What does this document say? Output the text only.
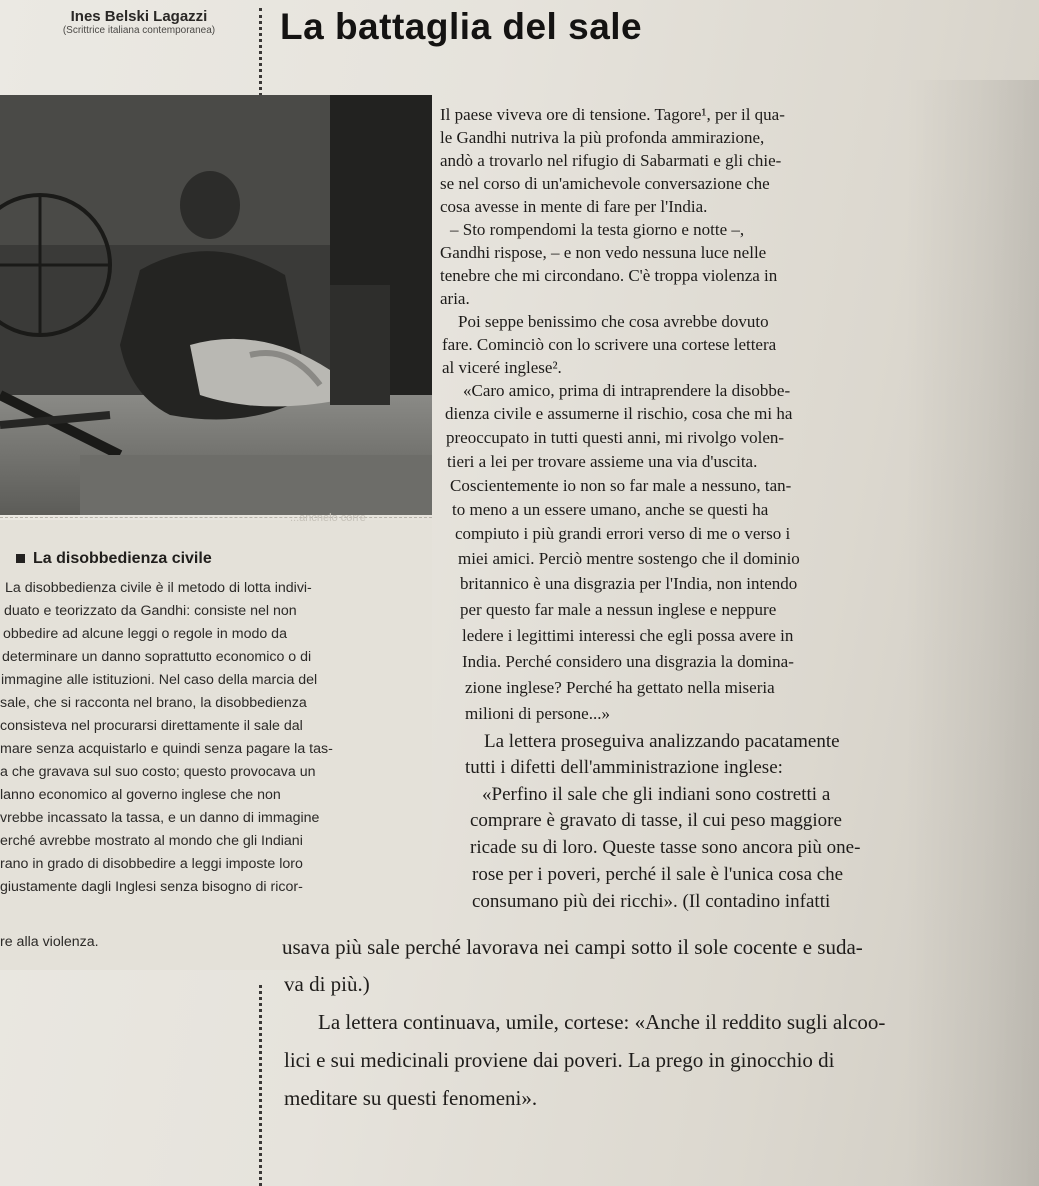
Ines Belski Lagazzi
(Scrittrice italiana contemporanea)	La battaglia del sale
La disobbedienza civile
La disobbedienza civile è il metodo di lotta indivi-
duato e teorizzato da Gandhi: consiste nel non
obbedire ad alcune leggi o regole in modo da
determinare un danno soprattutto economico o di
immagine alle istituzioni. Nel caso della marcia del
sale, che si racconta nel brano, la disobbedienza
consisteva nel procurarsi direttamente il sale dal
mare senza acquistarlo e quindi senza pagare la tas-
a che gravava sul suo costo; questo provocava un
lanno economico al governo inglese che non
vrebbe incassato la tassa, e un danno di immagine
erché avrebbe mostrato al mondo che gli Indiani
rano in grado di disobbedire a leggi imposte loro
giustamente dagli Inglesi senza bisogno di ricor-
re alla violenza.
...ancnelo corre
Il paese viveva ore di tensione. Tagore¹, per il qua-
le Gandhi nutriva la più profonda ammirazione,
andò a trovarlo nel rifugio di Sabarmati e gli chie-
se nel corso di un'amichevole conversazione che
cosa avesse in mente di fare per l'India.
– Sto rompendomi la testa giorno e notte –,
Gandhi rispose, – e non vedo nessuna luce nelle
tenebre che mi circondano. C'è troppa violenza in
aria.
Poi seppe benissimo che cosa avrebbe dovuto
fare. Cominciò con lo scrivere una cortese lettera
al viceré inglese².
«Caro amico, prima di intraprendere la disobbe-
dienza civile e assumerne il rischio, cosa che mi ha
preoccupato in tutti questi anni, mi rivolgo volen-
tieri a lei per trovare assieme una via d'uscita.
Coscientemente io non so far male a nessuno, tan-
to meno a un essere umano, anche se questi ha
compiuto i più grandi errori verso di me o verso i
miei amici. Perciò mentre sostengo che il dominio
britannico è una disgrazia per l'India, non intendo
per questo far male a nessun inglese e neppure
ledere i legittimi interessi che egli possa avere in
India. Perché considero una disgrazia la domina-
zione inglese? Perché ha gettato nella miseria
milioni di persone...»
La lettera proseguiva analizzando pacatamente
tutti i difetti dell'amministrazione inglese:
«Perfino il sale che gli indiani sono costretti a
comprare è gravato di tasse, il cui peso maggiore
ricade su di loro. Queste tasse sono ancora più one-
rose per i poveri, perché il sale è l'unica cosa che
consumano più dei ricchi». (Il contadino infatti
usava più sale perché lavorava nei campi sotto il sole cocente e suda-
va di più.)
La lettera continuava, umile, cortese: «Anche il reddito sugli alcoo-
lici e sui medicinali proviene dai poveri. La prego in ginocchio di
meditare su questi fenomeni».
